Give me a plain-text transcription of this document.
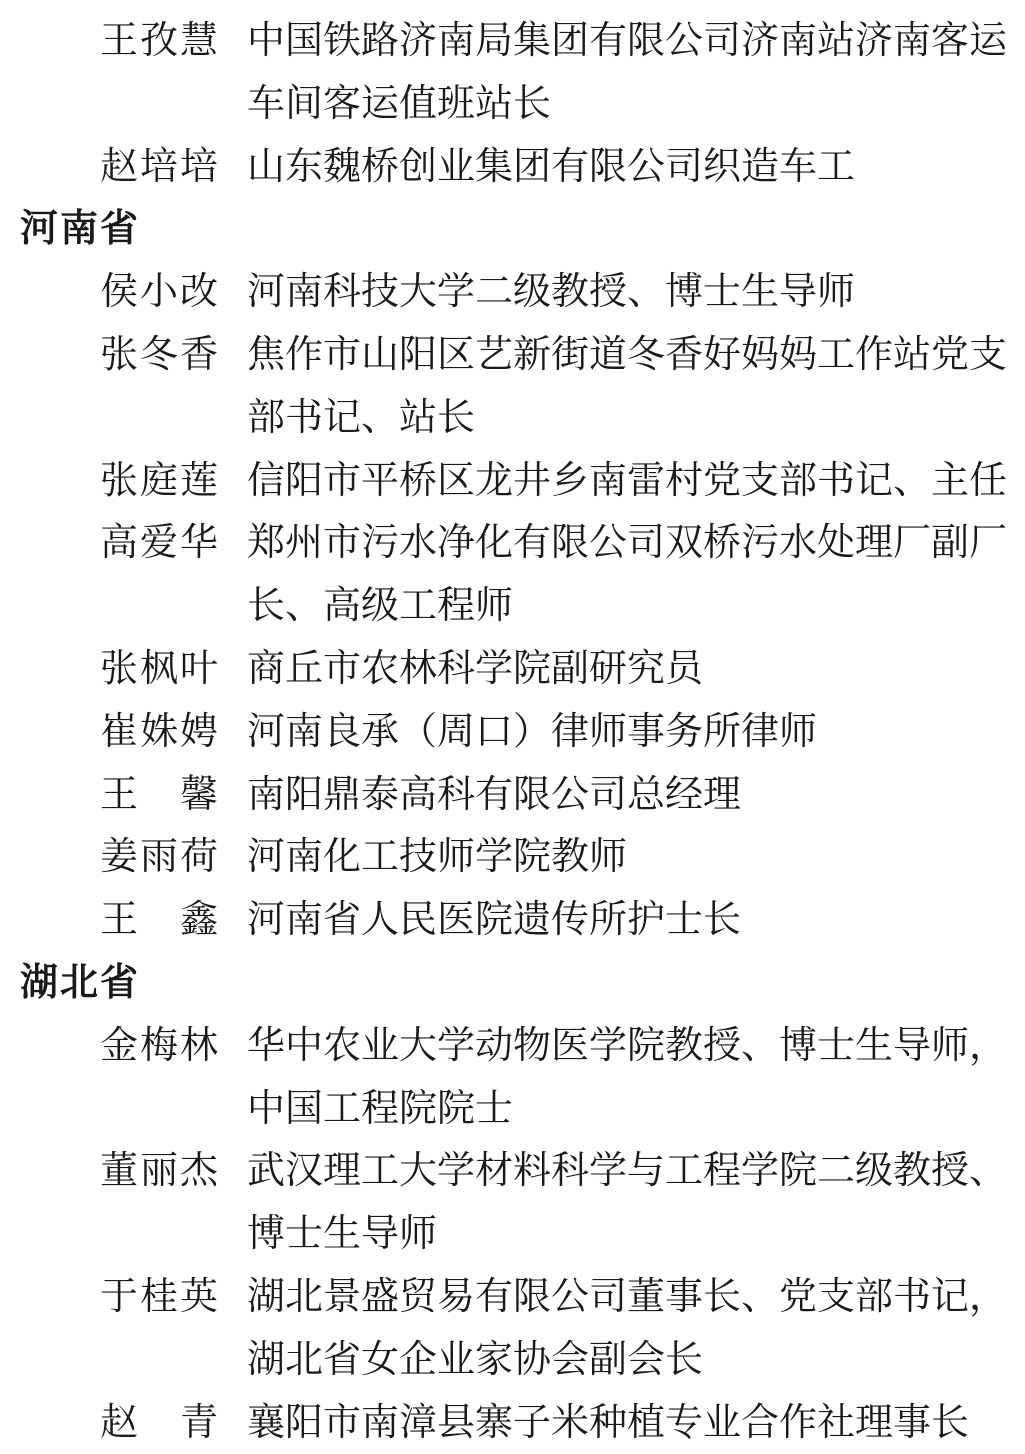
王孜慧 中国铁路济南局集团有限公司济南站济南客运车间客运值班站长
赵培培 山东魏桥创业集团有限公司织造车工
河南省
侯小改 河南科技大学二级教授、博士生导师
张冬香 焦作市山阳区艺新街道冬香好妈妈工作站党支部书记、站长
张庭莲 信阳市平桥区龙井乡南雷村党支部书记、主任
高爱华 郑州市污水净化有限公司双桥污水处理厂副厂长、高级工程师
张枫叶 商丘市农林科学院副研究员
崔姝娉 河南良承（周口）律师事务所律师
王　馨 南阳鼎泰高科有限公司总经理
姜雨荷 河南化工技师学院教师
王　鑫 河南省人民医院遗传所护士长
湖北省
金梅林 华中农业大学动物医学院教授、博士生导师，中国工程院院士
董丽杰 武汉理工大学材料科学与工程学院二级教授、博士生导师
于桂英 湖北景盛贸易有限公司董事长、党支部书记，湖北省女企业家协会副会长
赵　青 襄阳市南漳县寨子米种植专业合作社理事长
